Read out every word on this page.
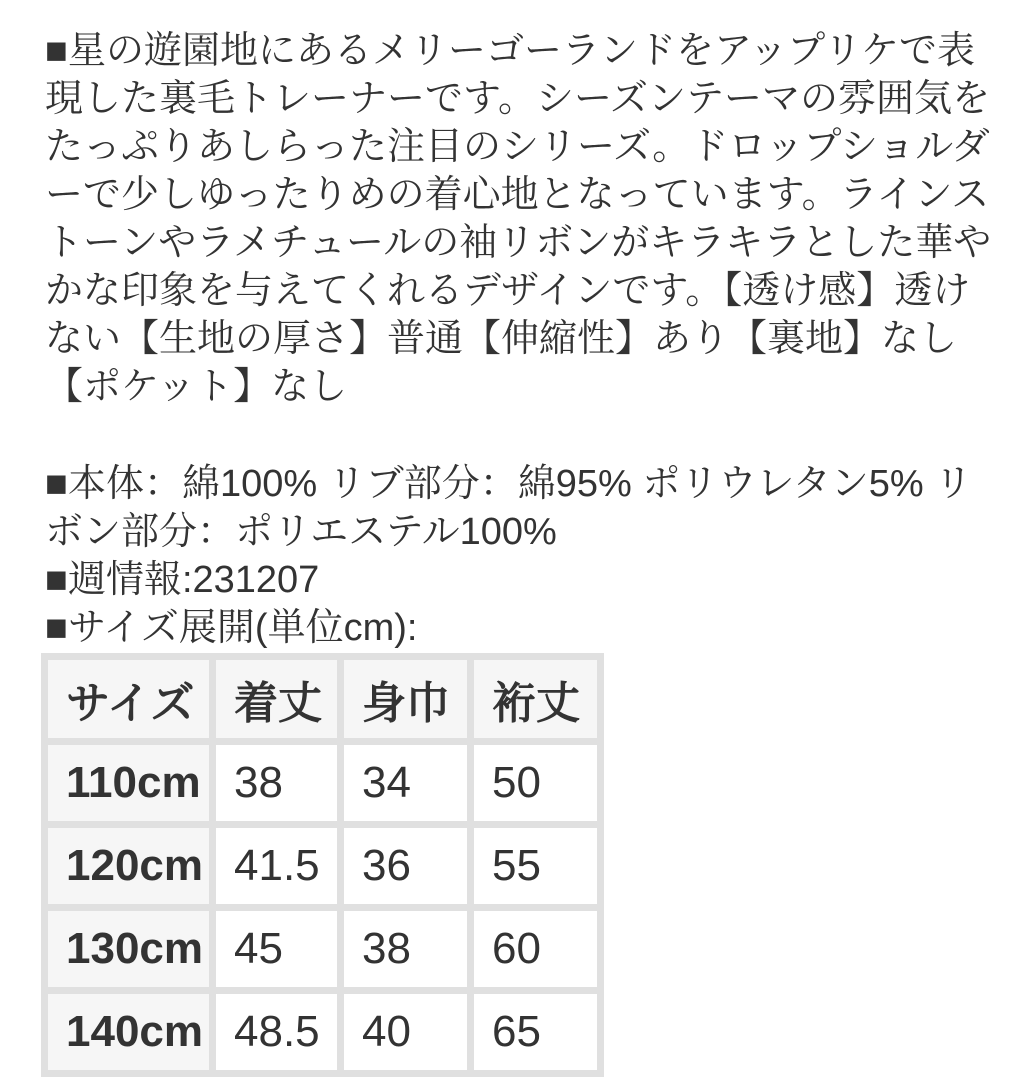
■星の遊園地にあるメリーゴーランドをアップリケで表現した裏毛トレーナーです。シーズンテーマの雰囲気をたっぷりあしらった注目のシリーズ。ドロップショルダーで少しゆったりめの着心地となっています。ラインストーンやラメチュールの袖リボンがキラキラとした華やかな印象を与えてくれるデザインです。【透け感】透けない【生地の厚さ】普通【伸縮性】あり【裏地】なし【ポケット】なし

■本体：綿100% リブ部分：綿95% ポリウレタン5% リボン部分：ポリエステル100%

■週情報:231207

■サイズ展開(単位cm):

サイズ	着丈	身巾	裄丈
110cm	38	34	50
120cm	41.5	36	55
130cm	45	38	60
140cm	48.5	40	65
